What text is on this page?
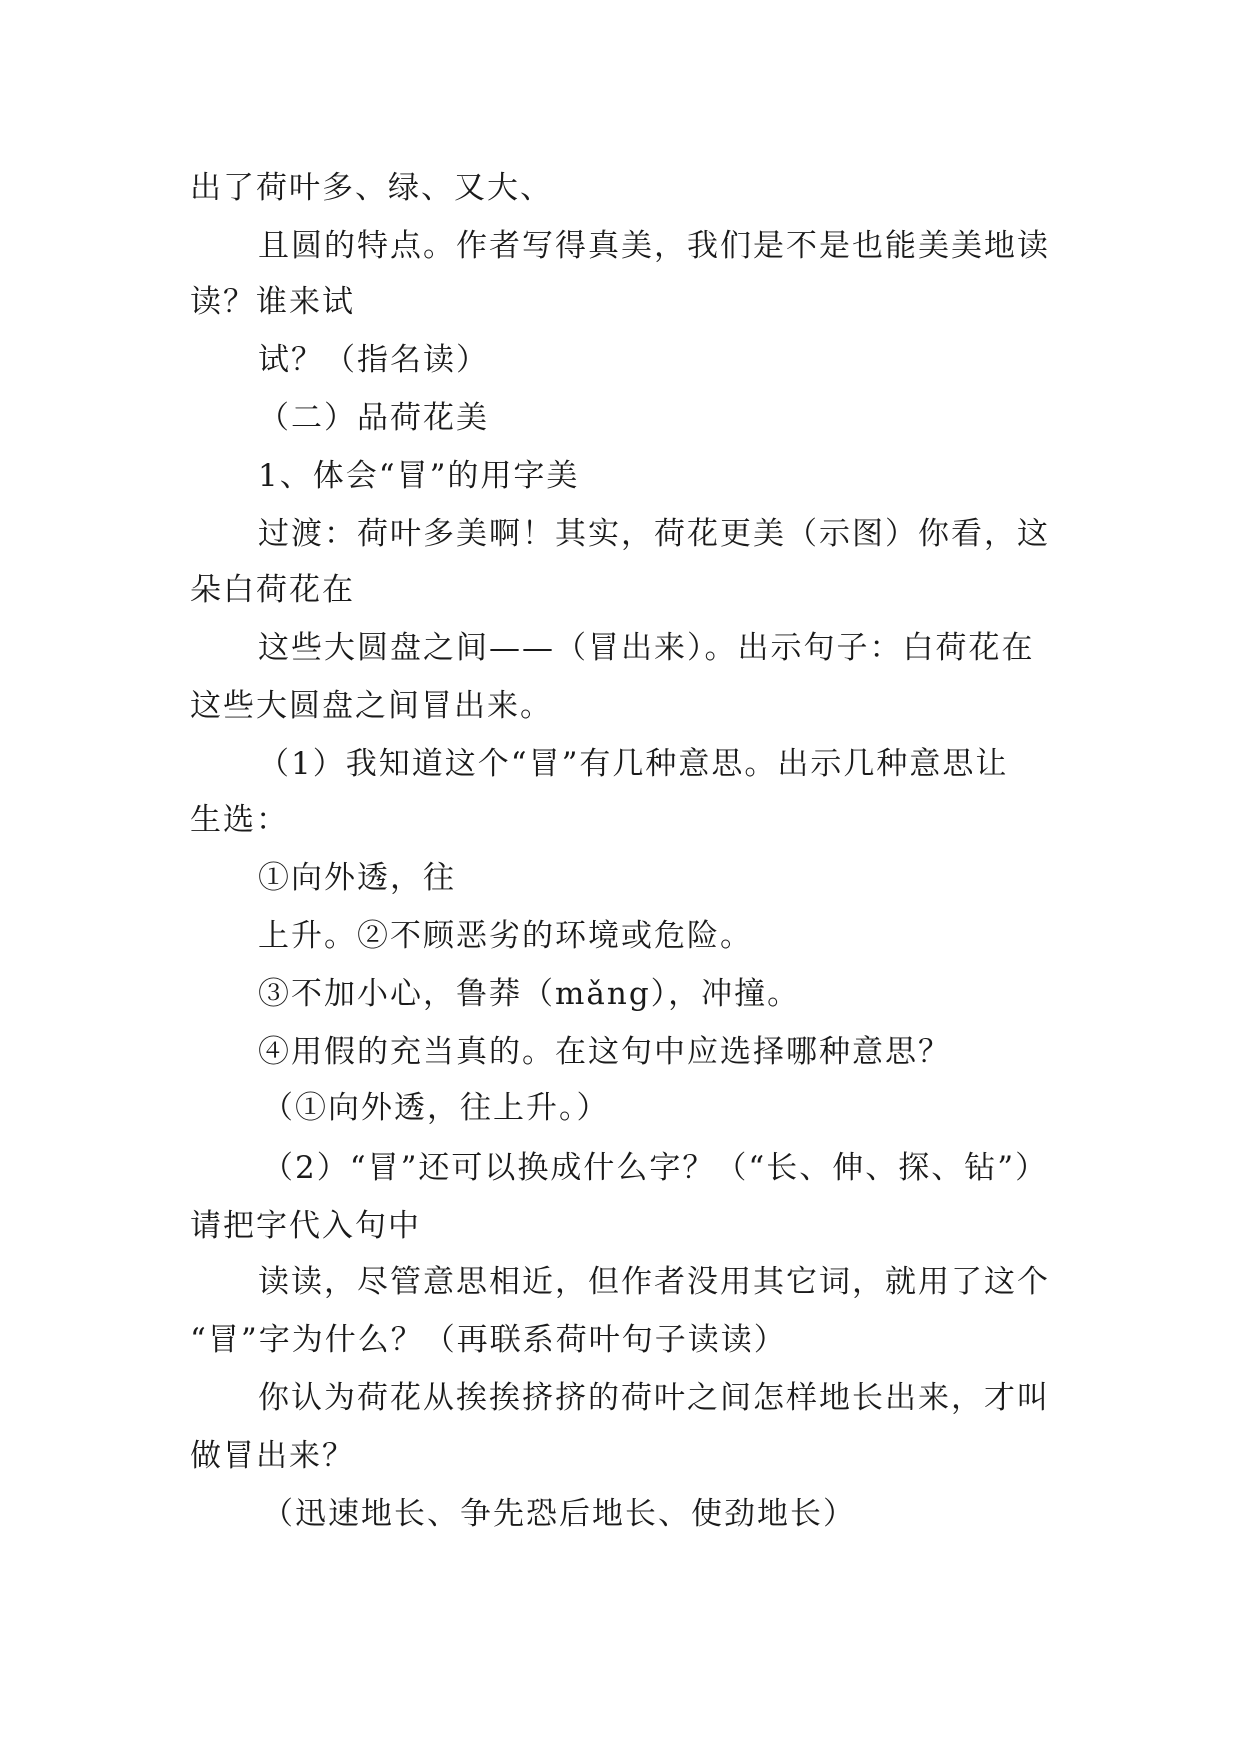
出了荷叶多、绿、又大、
且圆的特点。作者写得真美，我们是不是也能美美地读
读？谁来试
试？（指名读）
（二）品荷花美
1、体会“冒”的用字美
过渡：荷叶多美啊！其实，荷花更美（示图）你看，这
朵白荷花在
这些大圆盘之间——（冒出来）。出示句子：白荷花在
这些大圆盘之间冒出来。
（1）我知道这个“冒”有几种意思。出示几种意思让
生选：
①向外透，往
上升。②不顾恶劣的环境或危险。
③不加小心，鲁莽（mǎng），冲撞。
④用假的充当真的。在这句中应选择哪种意思？
（①向外透，往上升。）
（2）“冒”还可以换成什么字？（“长、伸、探、钻”）
请把字代入句中
读读，尽管意思相近，但作者没用其它词，就用了这个
“冒”字为什么？（再联系荷叶句子读读）
你认为荷花从挨挨挤挤的荷叶之间怎样地长出来，才叫
做冒出来？
（迅速地长、争先恐后地长、使劲地长）
